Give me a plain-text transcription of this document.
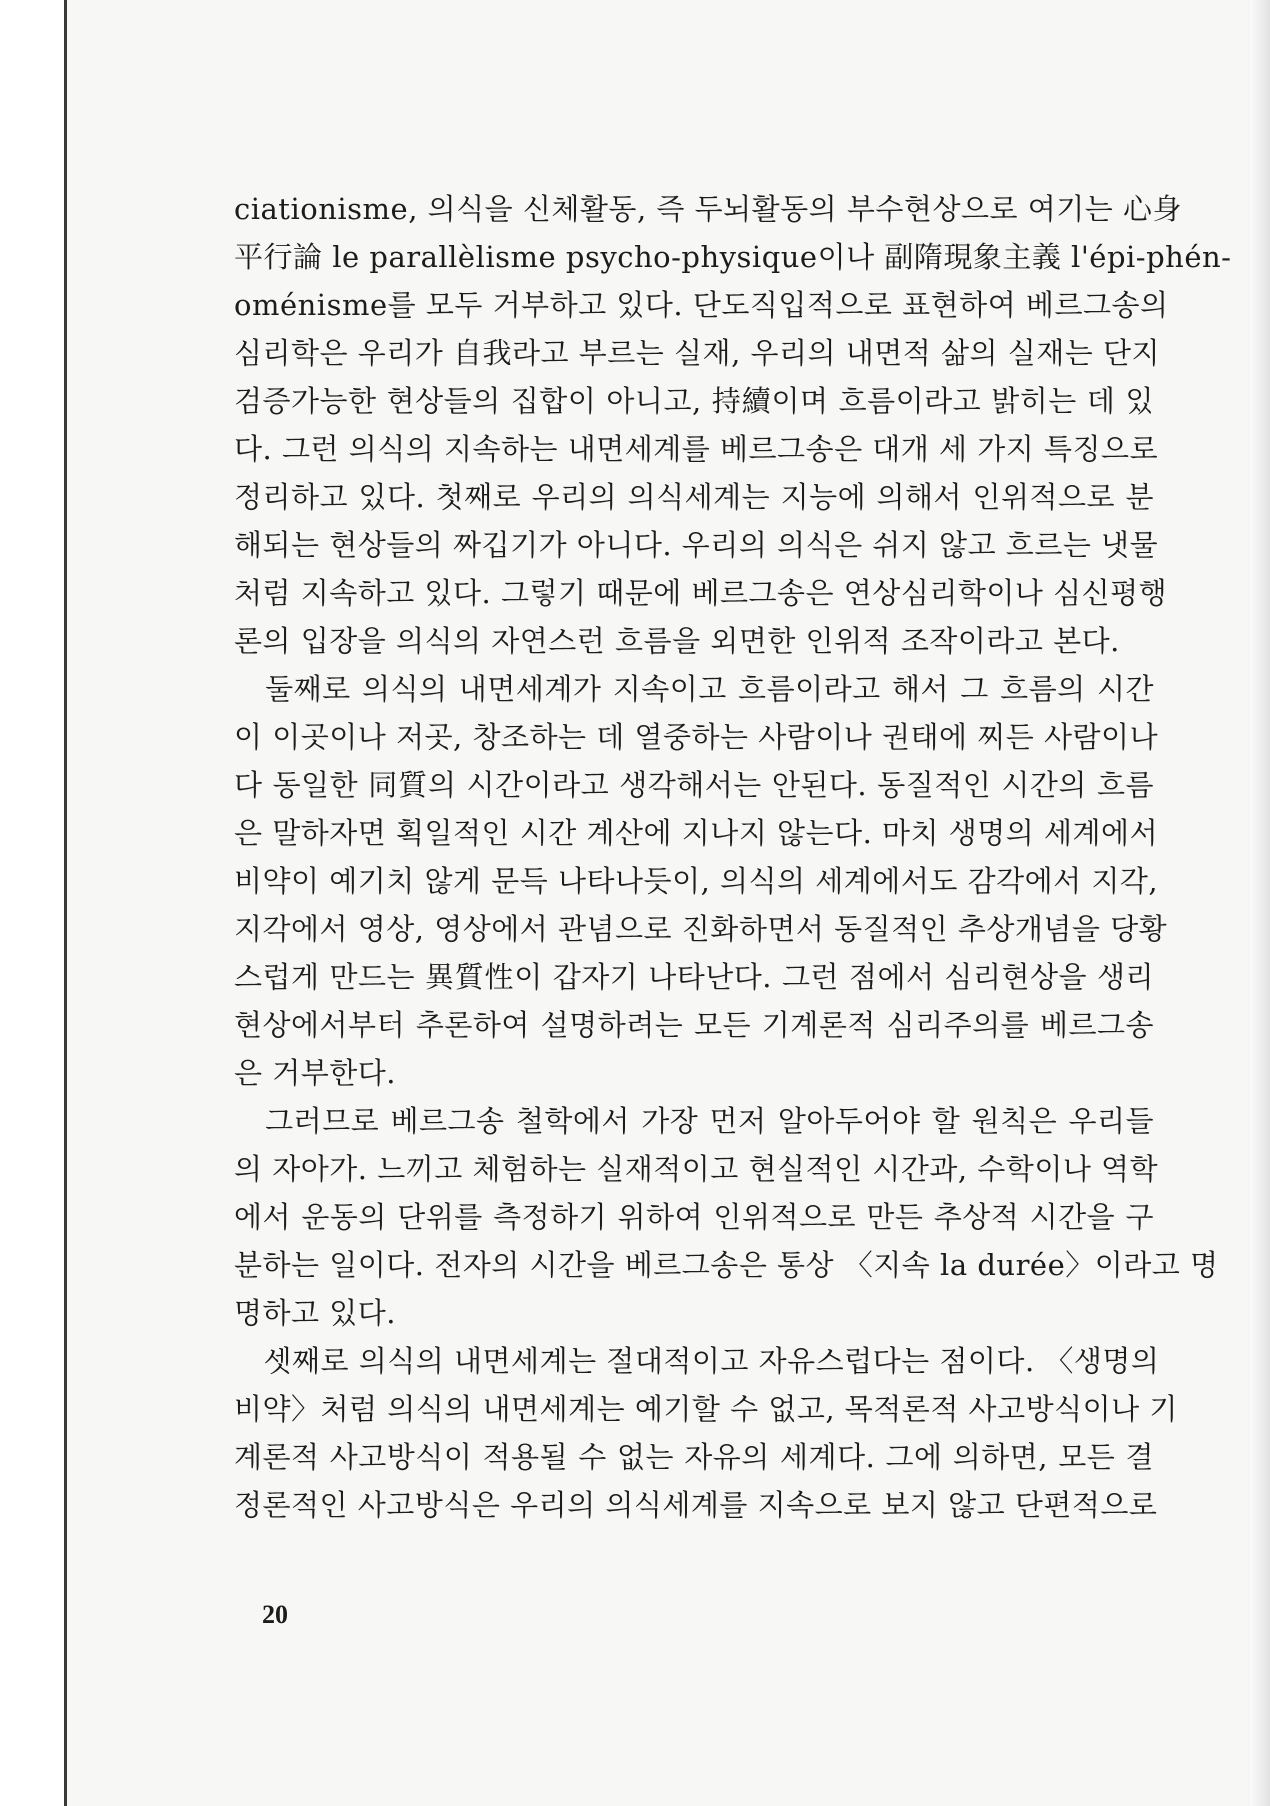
ciationisme, 의식을 신체활동, 즉 두뇌활동의 부수현상으로 여기는 心身
平行論 le parallèlisme psycho-physique이나 副隋現象主義 l'épi-phén-
oménisme를 모두 거부하고 있다. 단도직입적으로 표현하여 베르그송의
심리학은 우리가 自我라고 부르는 실재, 우리의 내면적 삶의 실재는 단지
검증가능한 현상들의 집합이 아니고, 持續이며 흐름이라고 밝히는 데 있
다. 그런 의식의 지속하는 내면세계를 베르그송은 대개 세 가지 특징으로
정리하고 있다. 첫째로 우리의 의식세계는 지능에 의해서 인위적으로 분
해되는 현상들의 짜깁기가 아니다. 우리의 의식은 쉬지 않고 흐르는 냇물
처럼 지속하고 있다. 그렇기 때문에 베르그송은 연상심리학이나 심신평행
론의 입장을 의식의 자연스런 흐름을 외면한 인위적 조작이라고 본다.
　둘째로 의식의 내면세계가 지속이고 흐름이라고 해서 그 흐름의 시간
이 이곳이나 저곳, 창조하는 데 열중하는 사람이나 권태에 찌든 사람이나
다 동일한 同質의 시간이라고 생각해서는 안된다. 동질적인 시간의 흐름
은 말하자면 획일적인 시간 계산에 지나지 않는다. 마치 생명의 세계에서
비약이 예기치 않게 문득 나타나듯이, 의식의 세계에서도 감각에서 지각,
지각에서 영상, 영상에서 관념으로 진화하면서 동질적인 추상개념을 당황
스럽게 만드는 異質性이 갑자기 나타난다. 그런 점에서 심리현상을 생리
현상에서부터 추론하여 설명하려는 모든 기계론적 심리주의를 베르그송
은 거부한다.
　그러므로 베르그송 철학에서 가장 먼저 알아두어야 할 원칙은 우리들
의 자아가. 느끼고 체험하는 실재적이고 현실적인 시간과, 수학이나 역학
에서 운동의 단위를 측정하기 위하여 인위적으로 만든 추상적 시간을 구
분하는 일이다. 전자의 시간을 베르그송은 통상 〈지속 la durée〉이라고 명
명하고 있다.
　셋째로 의식의 내면세계는 절대적이고 자유스럽다는 점이다. 〈생명의
비약〉처럼 의식의 내면세계는 예기할 수 없고, 목적론적 사고방식이나 기
계론적 사고방식이 적용될 수 없는 자유의 세계다. 그에 의하면, 모든 결
정론적인 사고방식은 우리의 의식세계를 지속으로 보지 않고 단편적으로
20
